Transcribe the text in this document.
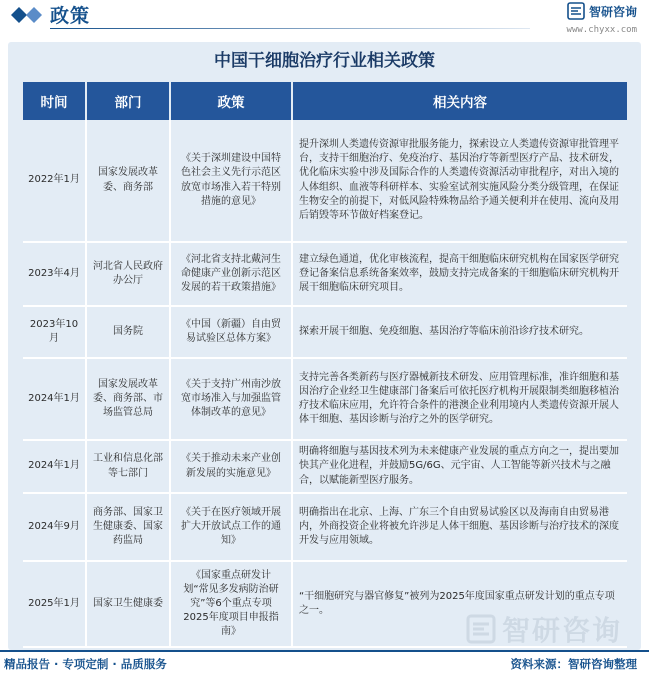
政策	智研咨询
www.chyxx.com
中国干细胞治疗行业相关政策
时间	部门	政策	相关内容
2022年1月	国家发展改革委、商务部	《关于深圳建设中国特色社会主义先行示范区放宽市场准入若干特别措施的意见》	提升深圳人类遗传资源审批服务能力，探索设立人类遗传资源审批管理平台，支持干细胞治疗、免疫治疗、基因治疗等新型医疗产品、技术研发，优化临床实验中涉及国际合作的人类遗传资源活动审批程序，对出入境的人体组织、血液等科研样本、实验室试剂实施风险分类分级管理，在保证生物安全的前提下，对低风险特殊物品给予通关便利并在使用、流向及用后销毁等环节做好档案登记。
2023年4月	河北省人民政府办公厅	《河北省支持北戴河生命健康产业创新示范区发展的若干政策措施》	建立绿色通道，优化审核流程，提高干细胞临床研究机构在国家医学研究登记备案信息系统备案效率，鼓励支持完成备案的干细胞临床研究机构开展干细胞临床研究项目。
2023年10月	国务院	《中国（新疆）自由贸易试验区总体方案》	探索开展干细胞、免疫细胞、基因治疗等临床前沿诊疗技术研究。
2024年1月	国家发展改革委、商务部、市场监管总局	《关于支持广州南沙放宽市场准入与加强监管体制改革的意见》	支持完善各类新药与医疗器械新技术研发、应用管理标准，准许细胞和基因治疗企业经卫生健康部门备案后可依托医疗机构开展限制类细胞移植治疗技术临床应用，允许符合条件的港澳企业利用境内人类遗传资源开展人体干细胞、基因诊断与治疗之外的医学研究。
2024年1月	工业和信息化部等七部门	《关于推动未来产业创新发展的实施意见》	明确将细胞与基因技术列为未来健康产业发展的重点方向之一，提出要加快其产业化进程，并鼓励5G/6G、元宇宙、人工智能等新兴技术与之融合，以赋能新型医疗服务。
2024年9月	商务部、国家卫生健康委、国家药监局	《关于在医疗领域开展扩大开放试点工作的通知》	明确指出在北京、上海、广东三个自由贸易试验区以及海南自由贸易港内，外商投资企业将被允许涉足人体干细胞、基因诊断与治疗技术的深度开发与应用领域。
2025年1月	国家卫生健康委	《国家重点研发计划“常见多发病防治研究”等6个重点专项2025年度项目申报指南》	“干细胞研究与器官修复”被列为2025年度国家重点研发计划的重点专项之一。
智研咨询
精品报告 · 专项定制 · 品质服务	资料来源：智研咨询整理
